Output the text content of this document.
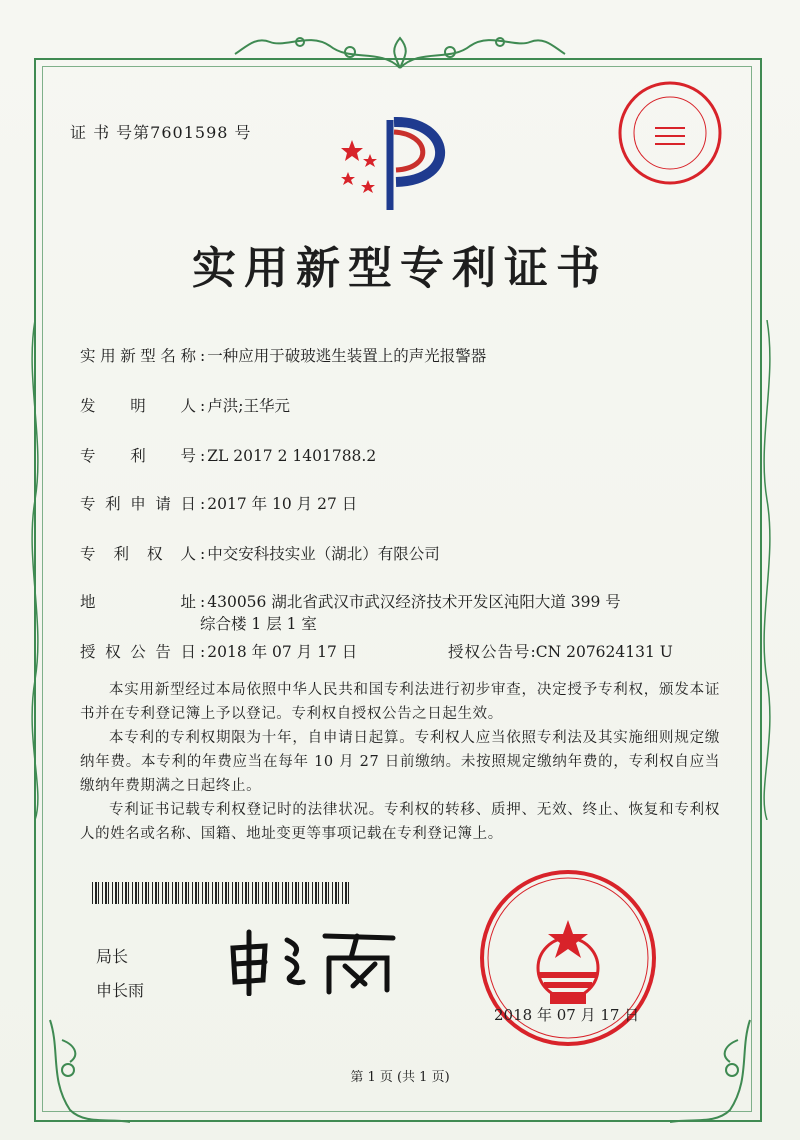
证 书 号第7601598 号
实用新型专利证书
实用新型名称 : 一种应用于破玻逃生装置上的声光报警器
发明人 : 卢洪;王华元
专利号 : ZL 2017 2 1401788.2
专利申请日 : 2017 年 10 月 27 日
专利权人 : 中交安科技实业（湖北）有限公司
地址 : 430056 湖北省武汉市武汉经济技术开发区沌阳大道 399 号
综合楼 1 层 1 室
授权公告日 : 2018 年 07 月 17 日	授权公告号:CN 207624131 U
本实用新型经过本局依照中华人民共和国专利法进行初步审查，决定授予专利权，颁发本证书并在专利登记簿上予以登记。专利权自授权公告之日起生效。
本专利的专利权期限为十年，自申请日起算。专利权人应当依照专利法及其实施细则规定缴纳年费。本专利的年费应当在每年 10 月 27 日前缴纳。未按照规定缴纳年费的，专利权自应当缴纳年费期满之日起终止。
专利证书记载专利权登记时的法律状况。专利权的转移、质押、无效、终止、恢复和专利权人的姓名或名称、国籍、地址变更等事项记载在专利登记簿上。
局长
申长雨
2018 年 07 月 17 日
第 1 页 (共 1 页)
